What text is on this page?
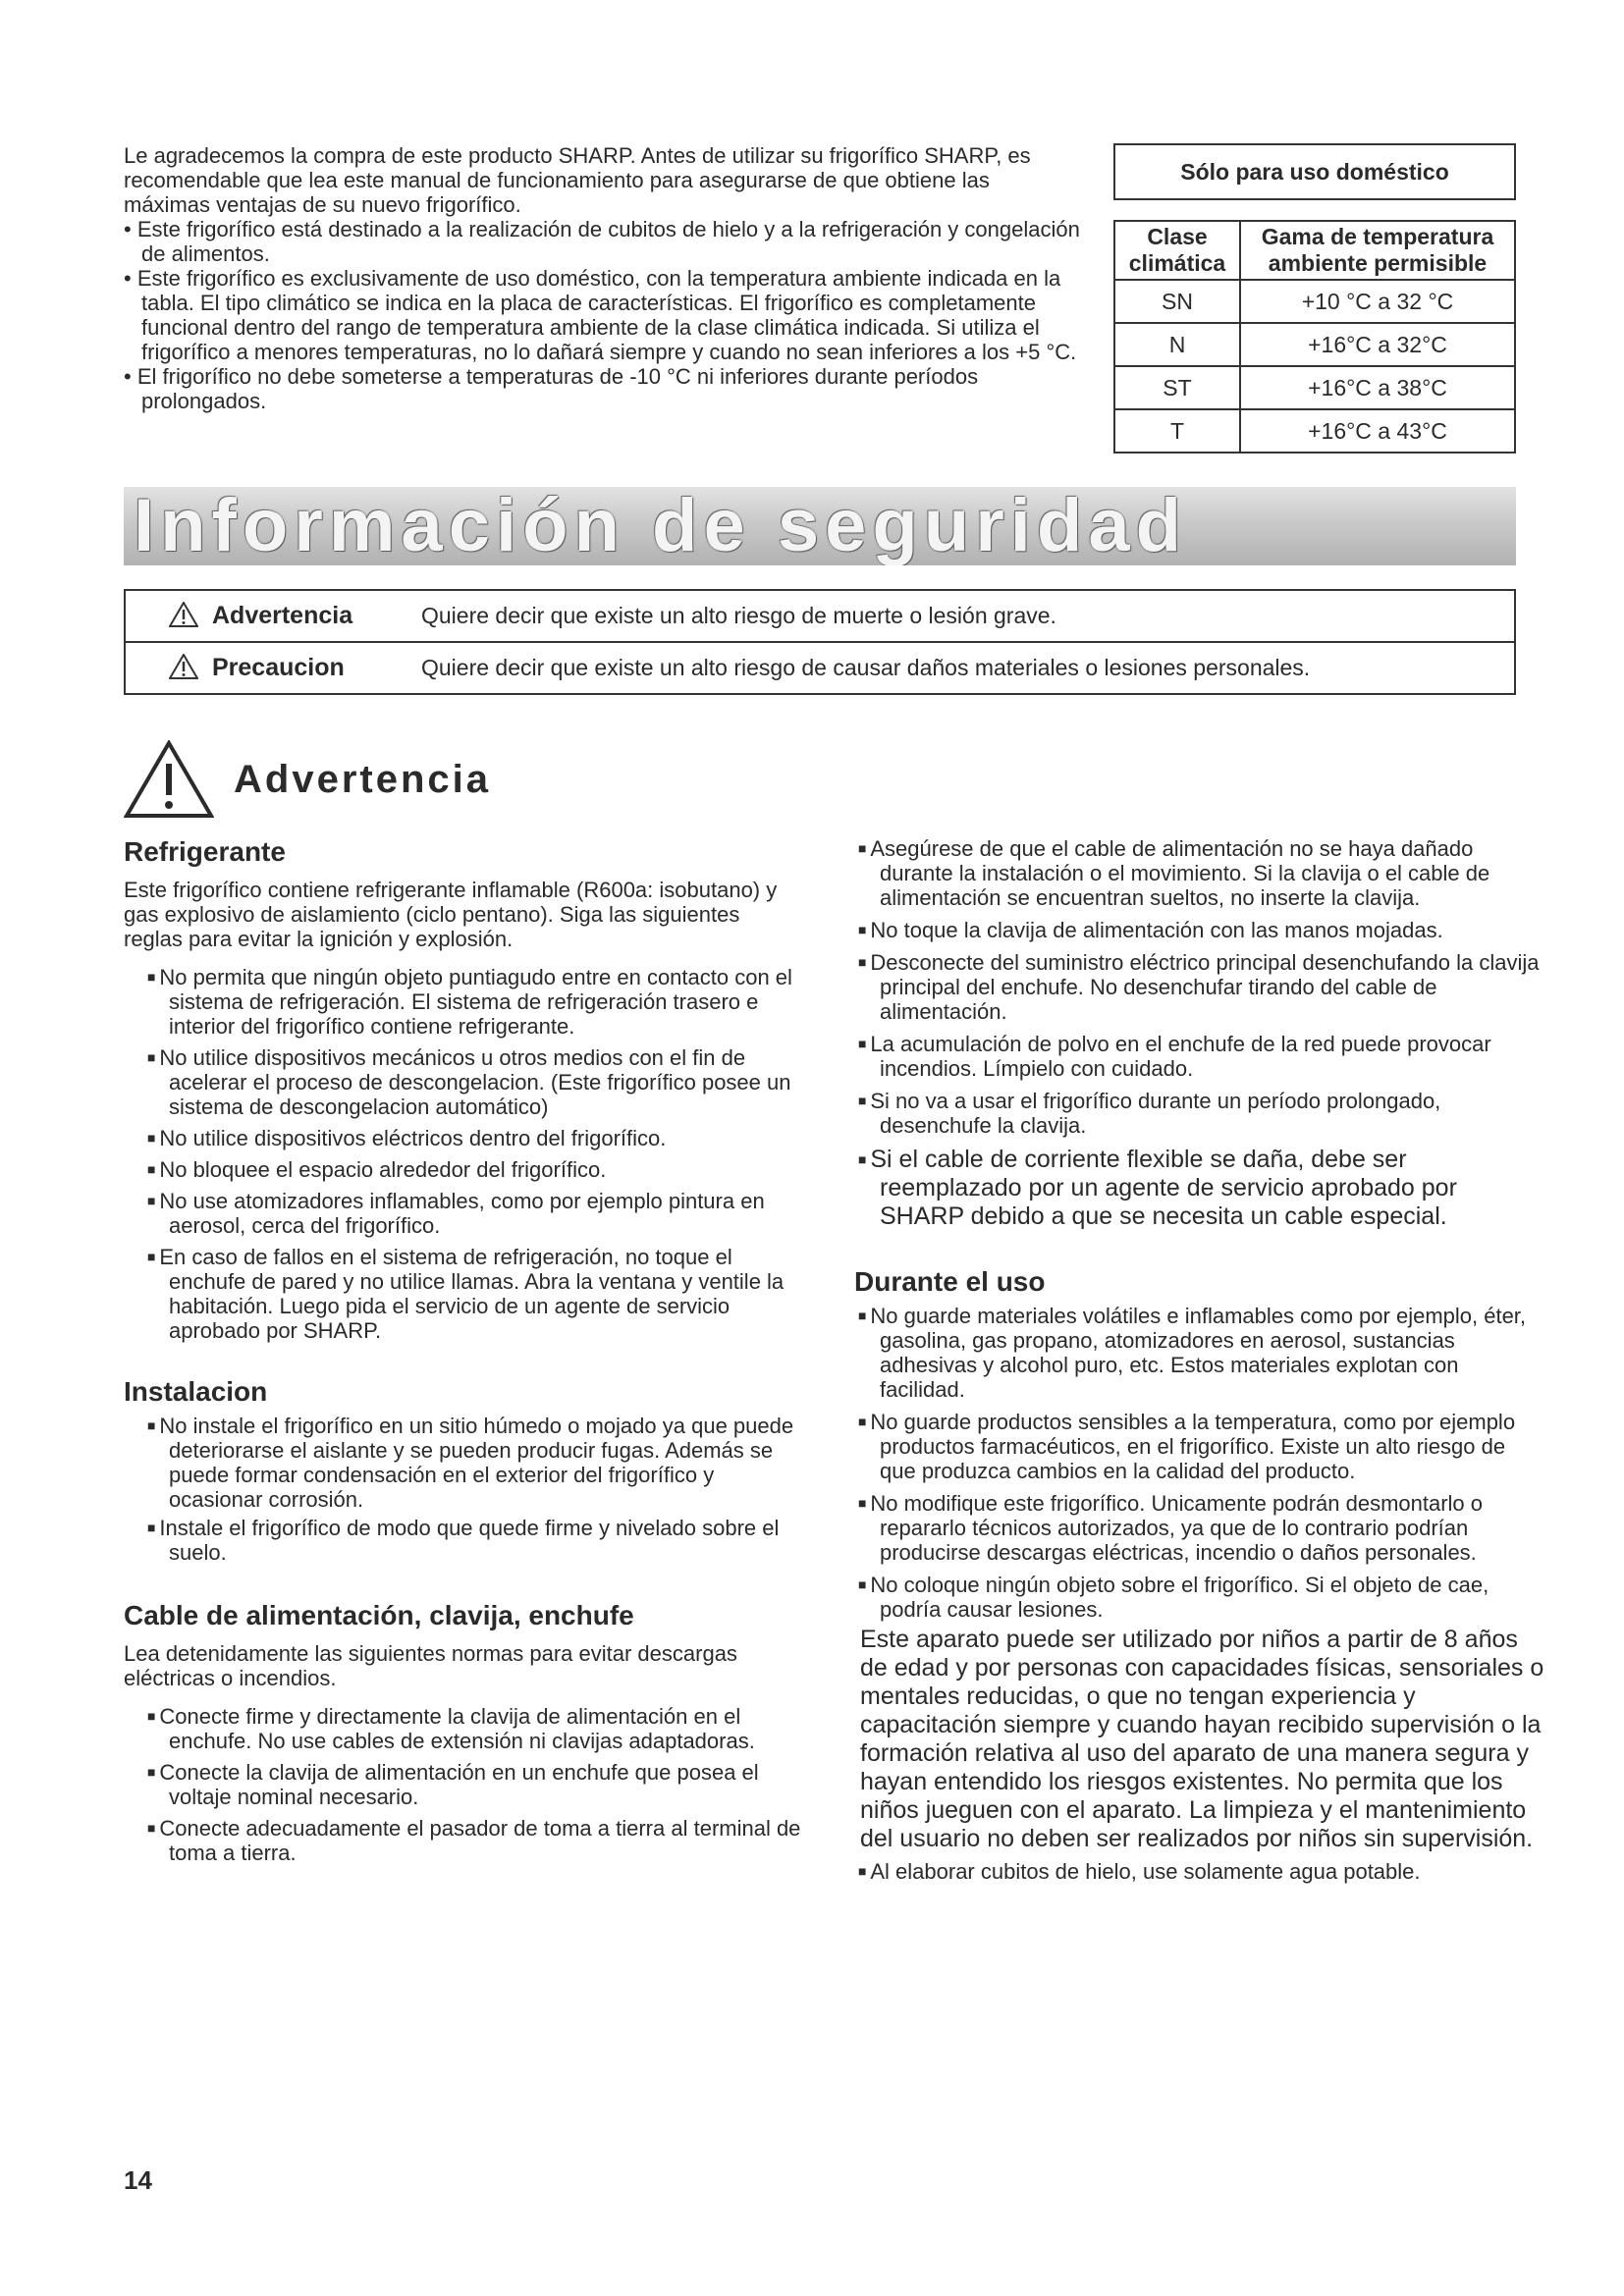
Le agradecemos la compra de este producto SHARP. Antes de utilizar su frigorífico SHARP, es recomendable que lea este manual de funcionamiento para asegurarse de que obtiene las máximas ventajas de su nuevo frigorífico.

• Este frigorífico está destinado a la realización de cubitos de hielo y a la refrigeración y congelación de alimentos.

• Este frigorífico es exclusivamente de uso doméstico, con la temperatura ambiente indicada en la tabla. El tipo climático se indica en la placa de características. El frigorífico es completamente funcional dentro del rango de temperatura ambiente de la clase climática indicada. Si utiliza el frigorífico a menores temperaturas, no lo dañará siempre y cuando no sean inferiores a los +5 °C.

• El frigorífico no debe someterse a temperaturas de -10 °C ni inferiores durante períodos prolongados.

Sólo para uso doméstico
Clase climática	Gama de temperatura ambiente permisible
SN	+10 °C a 32 °C
N	+16°C a 32°C
ST	+16°C a 38°C
T	+16°C a 43°C
Información de seguridad
Advertencia	Quiere decir que existe un alto riesgo de muerte o lesión grave.
Precaucion	Quiere decir que existe un alto riesgo de causar daños materiales o lesiones personales.
Advertencia
Refrigerante

Este frigorífico contiene refrigerante inflamable (R600a: isobutano) y gas explosivo de aislamiento (ciclo pentano). Siga las siguientes reglas para evitar la ignición y explosión.

■ No permita que ningún objeto puntiagudo entre en contacto con el sistema de refrigeración. El sistema de refrigeración trasero e interior del frigorífico contiene refrigerante.

■ No utilice dispositivos mecánicos u otros medios con el fin de acelerar el proceso de descongelacion. (Este frigorífico posee un sistema de descongelacion automático)

■ No utilice dispositivos eléctricos dentro del frigorífico.

■ No bloquee el espacio alrededor del frigorífico.

■ No use atomizadores inflamables, como por ejemplo pintura en aerosol, cerca del frigorífico.

■ En caso de fallos en el sistema de refrigeración, no toque el enchufe de pared y no utilice llamas. Abra la ventana y ventile la habitación. Luego pida el servicio de un agente de servicio aprobado por SHARP.

Instalacion

■ No instale el frigorífico en un sitio húmedo o mojado ya que puede deteriorarse el aislante y se pueden producir fugas. Además se puede formar condensación en el exterior del frigorífico y ocasionar corrosión.

■ Instale el frigorífico de modo que quede firme y nivelado sobre el suelo.

Cable de alimentación, clavija, enchufe

Lea detenidamente las siguientes normas para evitar descargas eléctricas o incendios.

■ Conecte firme y directamente la clavija de alimentación en el enchufe. No use cables de extensión ni clavijas adaptadoras.

■ Conecte la clavija de alimentación en un enchufe que posea el voltaje nominal necesario.

■ Conecte adecuadamente el pasador de toma a tierra al terminal de toma a tierra.

■ Asegúrese de que el cable de alimentación no se haya dañado durante la instalación o el movimiento. Si la clavija o el cable de alimentación se encuentran sueltos, no inserte la clavija.

■ No toque la clavija de alimentación con las manos mojadas.

■ Desconecte del suministro eléctrico principal desenchufando la clavija principal del enchufe. No desenchufar tirando del cable de alimentación.

■ La acumulación de polvo en el enchufe de la red puede provocar incendios. Límpielo con cuidado.

■ Si no va a usar el frigorífico durante un período prolongado, desenchufe la clavija.

■ Si el cable de corriente flexible se daña, debe ser reemplazado por un agente de servicio aprobado por SHARP debido a que se necesita un cable especial.

Durante el uso

■ No guarde materiales volátiles e inflamables como por ejemplo, éter, gasolina, gas propano, atomizadores en aerosol, sustancias adhesivas y alcohol puro, etc. Estos materiales explotan con facilidad.

■ No guarde productos sensibles a la temperatura, como por ejemplo productos farmacéuticos, en el frigorífico. Existe un alto riesgo de que produzca cambios en la calidad del producto.

■ No modifique este frigorífico. Unicamente podrán desmontarlo o repararlo técnicos autorizados, ya que de lo contrario podrían producirse descargas eléctricas, incendio o daños personales.

■ No coloque ningún objeto sobre el frigorífico. Si el objeto de cae, podría causar lesiones.

Este aparato puede ser utilizado por niños a partir de 8 años de edad y por personas con capacidades físicas, sensoriales o mentales reducidas, o que no tengan experiencia y capacitación siempre y cuando hayan recibido supervisión o la formación relativa al uso del aparato de una manera segura y hayan entendido los riesgos existentes. No permita que los niños jueguen con el aparato. La limpieza y el mantenimiento del usuario no deben ser realizados por niños sin supervisión.

■ Al elaborar cubitos de hielo, use solamente agua potable.

14
